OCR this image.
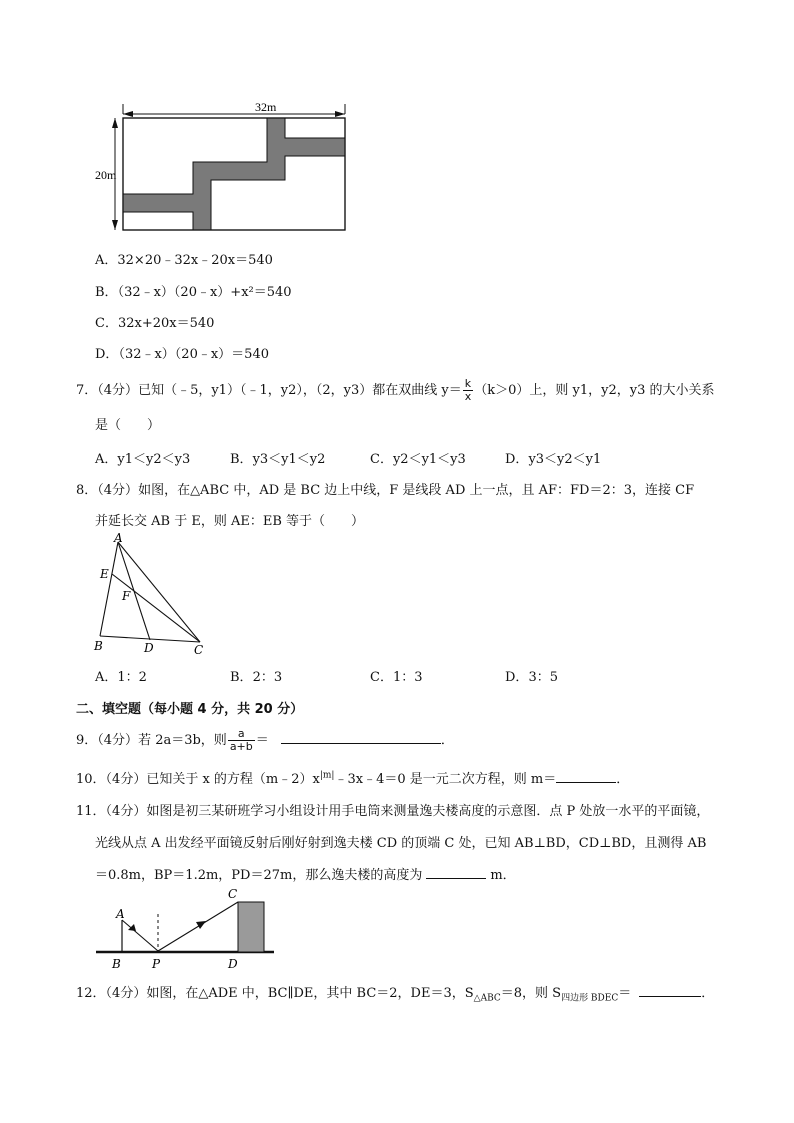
32m
20m
A．32×20﹣32x﹣20x＝540
B．（32﹣x）（20﹣x）+x²＝540
C．32x+20x＝540
D．（32﹣x）（20﹣x）＝540
7．（4分）已知（﹣5，y1）（﹣1，y2），（2，y3）都在双曲线 $y= \frac{k}{x} (k>0)$上，则 y1，y2，y3 的大小关系
是（　　）
A．y1＜y2＜y3	B．y3＜y1＜y2	C．y2＜y1＜y3	D．y3＜y2＜y1
8．（4分）如图，在△ABC 中，AD 是 BC 边上中线，F 是线段 AD 上一点，且 AF：FD＝2：3，连接 CF
并延长交 AB 于 E，则 AE：EB 等于（　　）
A
E
F
B	D	C
A．1：2	B．2：3	C．1：3	D．3：5
二、填空题（每小题 4 分，共 20 分）
9．（4分）若 2a＝3b，则 $\frac{a}{a+b}$ ＝	．
10．（4分）已知关于 x 的方程$(m﹣2)x^{|m|}﹣3x﹣4=0$ 是一元二次方程，则 m＝	．
11．（4分）如图是初三某研班学习小组设计用手电筒来测量逸夫楼高度的示意图．点 P 处放一水平的平面镜，
光线从点 A 出发经平面镜反射后刚好射到逸夫楼 CD 的顶端 C 处，已知 AB⊥BD，CD⊥BD，且测得 AB
＝0.8m，BP＝1.2m，PD＝27m，那么逸夫楼的高度为	m．
A
B	P
C
D
12．（4分）如图，在△ADE 中，BC∥DE，其中 BC＝2，DE＝3，$S_{\triangle ABC}=8$，则 $S_{四边形 BDEC}=$	．
